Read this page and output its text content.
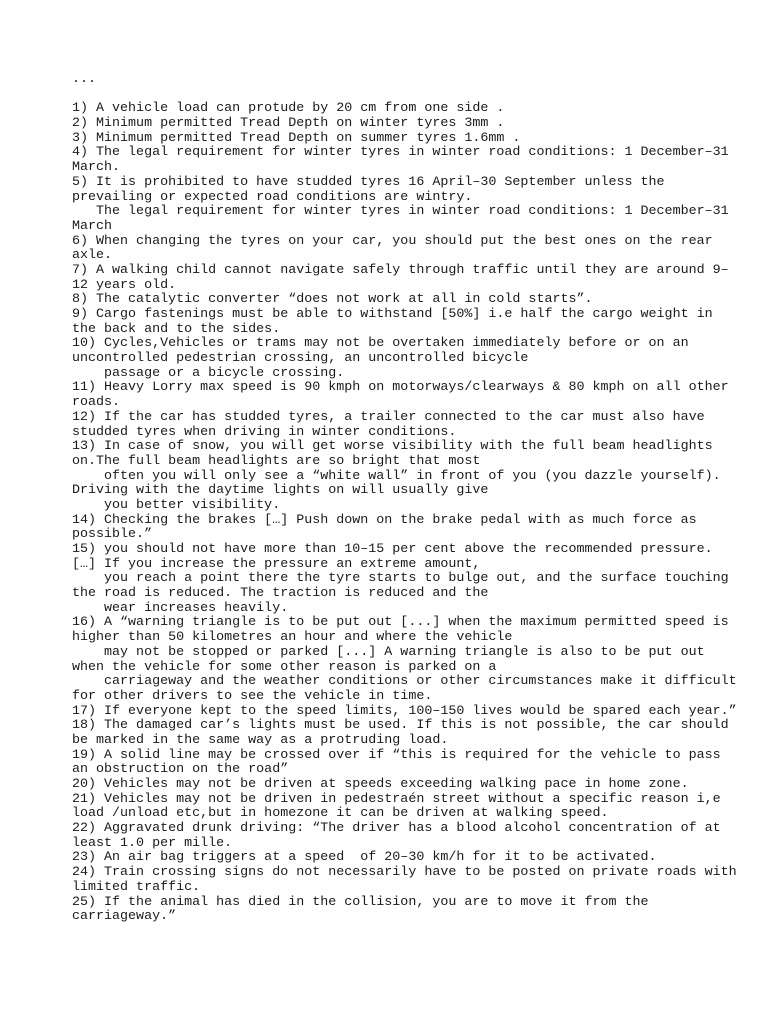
...
1) A vehicle load can protude by 20 cm from one side .
2) Minimum permitted Tread Depth on winter tyres 3mm .
3) Minimum permitted Tread Depth on summer tyres 1.6mm .
4) The legal requirement for winter tyres in winter road conditions: 1 December–31
March.
5) It is prohibited to have studded tyres 16 April–30 September unless the
prevailing or expected road conditions are wintry.
The legal requirement for winter tyres in winter road conditions: 1 December–31
March
6) When changing the tyres on your car, you should put the best ones on the rear
axle.
7) A walking child cannot navigate safely through traffic until they are around 9–
12 years old.
8) The catalytic converter “does not work at all in cold starts”.
9) Cargo fastenings must be able to withstand [50%] i.e half the cargo weight in
the back and to the sides.
10) Cycles,Vehicles or trams may not be overtaken immediately before or on an
uncontrolled pedestrian crossing, an uncontrolled bicycle
passage or a bicycle crossing.
11) Heavy Lorry max speed is 90 kmph on motorways/clearways & 80 kmph on all other
roads.
12) If the car has studded tyres, a trailer connected to the car must also have
studded tyres when driving in winter conditions.
13) In case of snow, you will get worse visibility with the full beam headlights
on.The full beam headlights are so bright that most
often you will only see a “white wall” in front of you (you dazzle yourself).
Driving with the daytime lights on will usually give
you better visibility.
14) Checking the brakes […] Push down on the brake pedal with as much force as
possible.”
15) you should not have more than 10–15 per cent above the recommended pressure.
[…] If you increase the pressure an extreme amount,
you reach a point there the tyre starts to bulge out, and the surface touching
the road is reduced. The traction is reduced and the
wear increases heavily.
16) A “warning triangle is to be put out [...] when the maximum permitted speed is
higher than 50 kilometres an hour and where the vehicle
may not be stopped or parked [...] A warning triangle is also to be put out
when the vehicle for some other reason is parked on a
carriageway and the weather conditions or other circumstances make it difficult
for other drivers to see the vehicle in time.
17) If everyone kept to the speed limits, 100–150 lives would be spared each year.”
18) The damaged car’s lights must be used. If this is not possible, the car should
be marked in the same way as a protruding load.
19) A solid line may be crossed over if “this is required for the vehicle to pass
an obstruction on the road”
20) Vehicles may not be driven at speeds exceeding walking pace in home zone.
21) Vehicles may not be driven in pedestraén street without a specific reason i,e
load /unload etc,but in homezone it can be driven at walking speed.
22) Aggravated drunk driving: “The driver has a blood alcohol concentration of at
least 1.0 per mille.
23) An air bag triggers at a speed  of 20–30 km/h for it to be activated.
24) Train crossing signs do not necessarily have to be posted on private roads with
limited traffic.
25) If the animal has died in the collision, you are to move it from the
carriageway.”
